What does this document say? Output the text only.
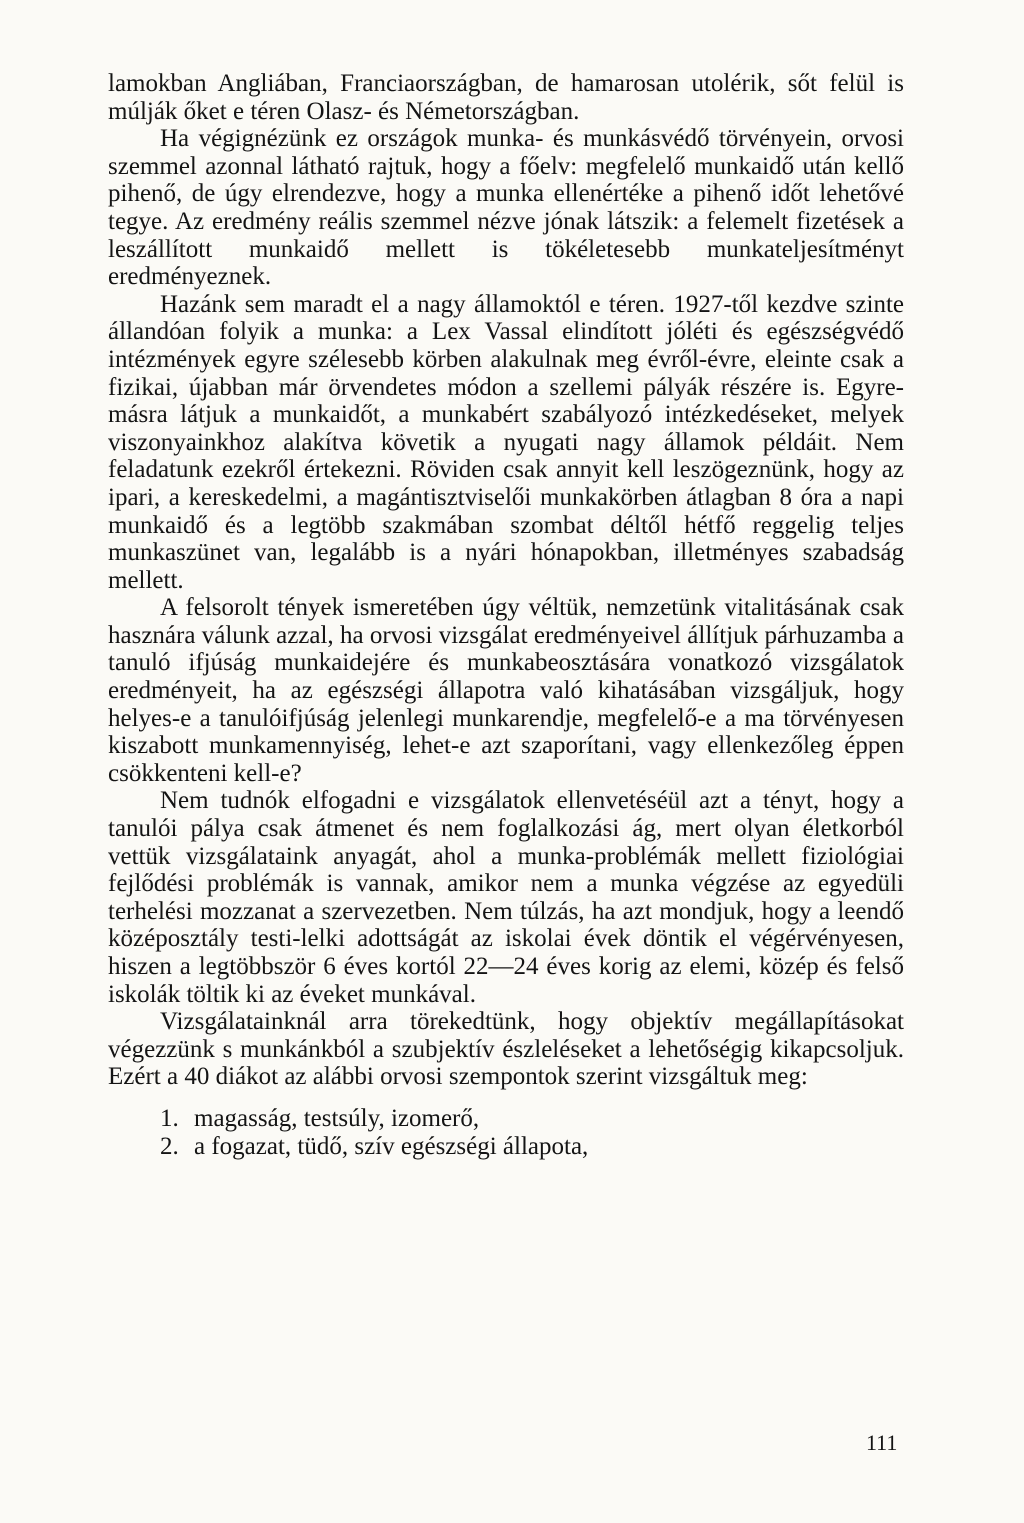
lamokban Angliában, Franciaországban, de hamarosan utolérik, sőt felül is múlják őket e téren Olasz- és Németországban.

Ha végignézünk ez országok munka- és munkásvédő törvényein, orvosi szemmel azonnal látható rajtuk, hogy a főelv: megfelelő munkaidő után kellő pihenő, de úgy elrendezve, hogy a munka ellenértéke a pihenő időt lehetővé tegye. Az eredmény reális szemmel nézve jónak látszik: a felemelt fizetések a leszállított munkaidő mellett is tökéletesebb munkateljesítményt eredményeznek.

Hazánk sem maradt el a nagy államoktól e téren. 1927-től kezdve szinte állandóan folyik a munka: a Lex Vassal elindított jóléti és egészségvédő intézmények egyre szélesebb körben alakulnak meg évről-évre, eleinte csak a fizikai, újabban már örvendetes módon a szellemi pályák részére is. Egyre-másra látjuk a munkaidőt, a munkabért szabályozó intézkedéseket, melyek viszonyainkhoz alakítva követik a nyugati nagy államok példáit. Nem feladatunk ezekről értekezni. Röviden csak annyit kell leszögeznünk, hogy az ipari, a kereskedelmi, a magántisztviselői munkakörben átlagban 8 óra a napi munkaidő és a legtöbb szakmában szombat déltől hétfő reggelig teljes munkaszünet van, legalább is a nyári hónapokban, illetményes szabadság mellett.

A felsorolt tények ismeretében úgy véltük, nemzetünk vitalitásának csak hasznára válunk azzal, ha orvosi vizsgálat eredményeivel állítjuk párhuzamba a tanuló ifjúság munkaidejére és munkabeosztására vonatkozó vizsgálatok eredményeit, ha az egészségi állapotra való kihatásában vizsgáljuk, hogy helyes-e a tanulóifjúság jelenlegi munkarendje, megfelelő-e a ma törvényesen kiszabott munkamennyiség, lehet-e azt szaporítani, vagy ellenkezőleg éppen csökkenteni kell-e?

Nem tudnók elfogadni e vizsgálatok ellenvetéséül azt a tényt, hogy a tanulói pálya csak átmenet és nem foglalkozási ág, mert olyan életkorból vettük vizsgálataink anyagát, ahol a munka-problémák mellett fiziológiai fejlődési problémák is vannak, amikor nem a munka végzése az egyedüli terhelési mozzanat a szervezetben. Nem túlzás, ha azt mondjuk, hogy a leendő középosztály testi-lelki adottságát az iskolai évek döntik el végérvényesen, hiszen a legtöbbször 6 éves kortól 22—24 éves korig az elemi, közép és felső iskolák töltik ki az éveket munkával.

Vizsgálatainknál arra törekedtünk, hogy objektív megállapításokat végezzünk s munkánkból a szubjektív észleléseket a lehetőségig kikapcsoljuk. Ezért a 40 diákot az alábbi orvosi szempontok szerint vizsgáltuk meg:

1. magasság, testsúly, izomerő,
2. a fogazat, tüdő, szív egészségi állapota,
111
